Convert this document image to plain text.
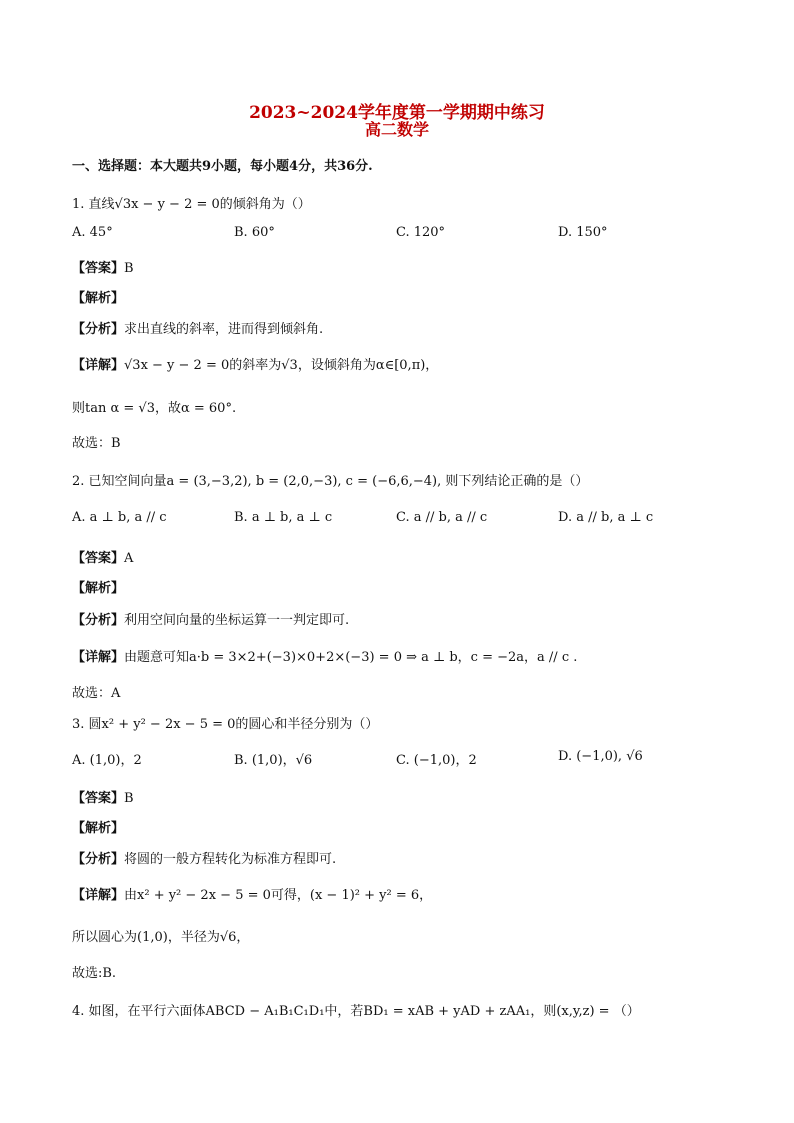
2023~2024学年度第一学期期中练习
高二数学
一、选择题：本大题共9小题，每小题4分，共36分.
1. 直线√3x − y − 2 = 0的倾斜角为（）
A. 45°	B. 60°	C. 120°	D. 150°
【答案】B
【解析】
【分析】求出直线的斜率，进而得到倾斜角.
【详解】√3x − y − 2 = 0的斜率为√3，设倾斜角为α∈[0,π)，
则tan α = √3，故α = 60°.
故选：B
2. 已知空间向量a = (3,−3,2), b = (2,0,−3), c = (−6,6,−4), 则下列结论正确的是（）
A. a ⊥ b, a // c	B. a ⊥ b, a ⊥ c	C. a // b, a // c	D. a // b, a ⊥ c
【答案】A
【解析】
【分析】利用空间向量的坐标运算一一判定即可.
【详解】由题意可知a·b = 3×2+(−3)×0+2×(−3) = 0 ⇒ a ⊥ b，c = −2a，a // c .
故选：A
3. 圆x² + y² − 2x − 5 = 0的圆心和半径分别为（）
A. (1,0)，2	B. (1,0)，√6	C. (−1,0)，2	D. (−1,0), √6
【答案】B
【解析】
【分析】将圆的一般方程转化为标准方程即可.
【详解】由x² + y² − 2x − 5 = 0可得，(x − 1)² + y² = 6，
所以圆心为(1,0)，半径为√6，
故选:B.
4. 如图，在平行六面体ABCD − A₁B₁C₁D₁中，若BD₁ = xAB + yAD + zAA₁，则(x,y,z) = （）
